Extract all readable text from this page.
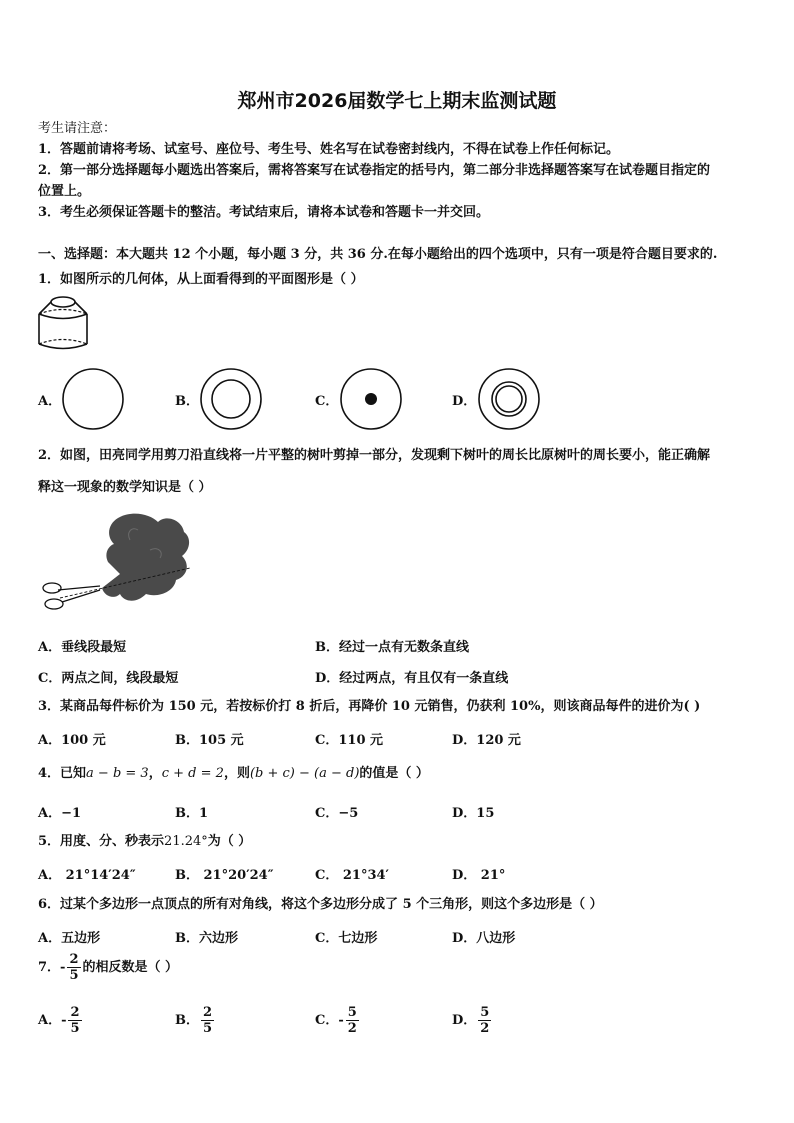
郑州市2026届数学七上期末监测试题
考生请注意：
1．答题前请将考场、试室号、座位号、考生号、姓名写在试卷密封线内，不得在试卷上作任何标记。
2．第一部分选择题每小题选出答案后，需将答案写在试卷指定的括号内，第二部分非选择题答案写在试卷题目指定的
位置上。
3．考生必须保证答题卡的整洁。考试结束后，请将本试卷和答题卡一并交回。
一、选择题：本大题共 12 个小题，每小题 3 分，共 36 分.在每小题给出的四个选项中，只有一项是符合题目要求的.
1．如图所示的几何体，从上面看得到的平面图形是（ ）
A．	B．	C．	D．
2．如图，田亮同学用剪刀沿直线将一片平整的树叶剪掉一部分，发现剩下树叶的周长比原树叶的周长要小，能正确解
释这一现象的数学知识是（ ）
A．垂线段最短	B．经过一点有无数条直线
C．两点之间，线段最短	D．经过两点，有且仅有一条直线
3．某商品每件标价为 150 元，若按标价打 8 折后，再降价 10 元销售，仍获利 10%，则该商品每件的进价为( )
A．100 元	B．105 元	C．110 元	D．120 元
4．已知a − b = 3，c + d = 2，则(b + c) − (a − d)的值是（ ）
A．−1	B．1	C．−5	D．15
5．用度、分、秒表示21.24°为（ ）
A． 21°14′24″	B． 21°20′24″	C． 21°34′	D． 21°
6．过某个多边形一点顶点的所有对角线，将这个多边形分成了 5 个三角形，则这个多边形是（ ）
A．五边形	B．六边形	C．七边形	D．八边形
7．- $\frac{2}{5}$ 的相反数是（ ）
A．- $\frac{2}{5}$	B． $\frac{2}{5}$	C．- $\frac{5}{2}$	D． $\frac{5}{2}$
